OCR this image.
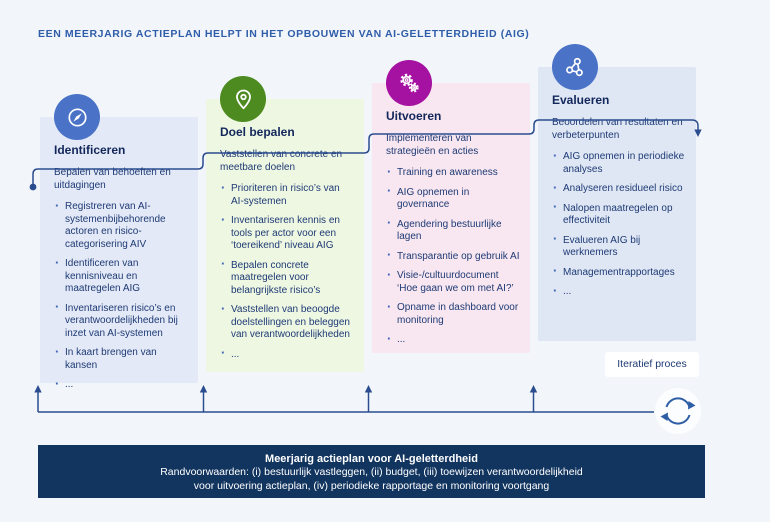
EEN MEERJARIG ACTIEPLAN HELPT IN HET OPBOUWEN VAN AI-GELETTERDHEID (AIG)
Identificeren

Bepalen van behoeften en uitdagingen

· Registreren van AI-systemenbijbehorende actoren en risico-categorisering AIV
· Identificeren van kennisniveau en maatregelen AIG
· Inventariseren risico’s en verantwoordelijkheden bij inzet van AI-systemen
· In kaart brengen van kansen
· ...
Doel bepalen

Vaststellen van concrete en meetbare doelen

· Prioriteren in risico’s van AI-systemen
· Inventariseren kennis en tools per actor voor een ‘toereikend’ niveau AIG
· Bepalen concrete maatregelen voor belangrijkste risico’s
· Vaststellen van beoogde doelstellingen en beleggen van verantwoordelijkheden
· ...
Uitvoeren

Implementeren van strategieën en acties

· Training en awareness
· AIG opnemen in governance
· Agendering bestuurlijke lagen
· Transparantie op gebruik AI
· Visie-/cultuurdocument ‘Hoe gaan we om met AI?’
· Opname in dashboard voor monitoring
· ...
Evalueren

Beoordelen van resultaten en verbeterpunten

· AIG opnemen in periodieke analyses
· Analyseren residueel risico
· Nalopen maatregelen op effectiviteit
· Evalueren AIG bij werknemers
· Managementrapportages
· ...
Iteratief proces
Meerjarig actieplan voor AI-geletterdheid
Randvoorwaarden: (i) bestuurlijk vastleggen, (ii) budget, (iii) toewijzen verantwoordelijkheid
voor uitvoering actieplan, (iv) periodieke rapportage en monitoring voortgang
